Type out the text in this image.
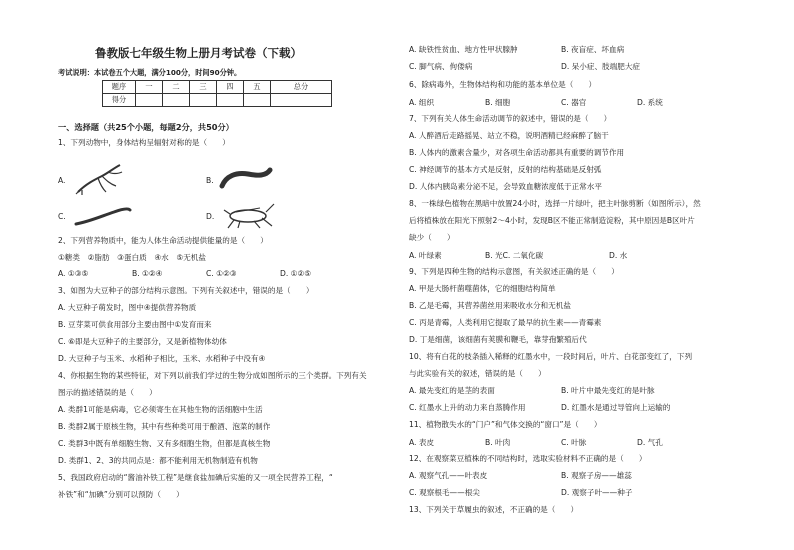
鲁教版七年级生物上册月考试卷（下载）
考试说明：本试卷五个大题，满分100分，时间90分钟。
题序	一	二	三	四	五	总分
得分						
一、选择题（共25个小题，每题2分，共50分）
1、下列动物中，身体结构呈辐射对称的是（　　）
A.	B.
C.	D.
2、下列营养物质中，能为人体生命活动提供能量的是（　　）
①糖类　②脂肪　③蛋白质　④水　⑤无机盐
A. ①③⑤	B. ①②④	C. ①②③	D. ①②⑤
3、如图为大豆种子的部分结构示意图。下列有关叙述中，错误的是（　　）
A. 大豆种子萌发时，图中④提供营养物质
B. 豆芽菜可供食用部分主要由图中①发育而来
C. ⑥即是大豆种子的主要部分，又是新植物体幼体
D. 大豆种子与玉米、水稻种子相比，玉米、水稻种子中没有④
4、你根据生物的某些特征，对下列以前我们学过的生物分成如图所示的三个类群。下列有关
图示的描述错误的是（　　）
A. 类群1可能是病毒，它必须寄生在其他生物的活细胞中生活
B. 类群2属于原核生物，其中有些种类可用于酿酒、泡菜的制作
C. 类群3中既有单细胞生物、又有多细胞生物，但都是真核生物
D. 类群1、2、3的共同点是：都不能利用无机物制造有机物
5、我国政府启动的“酱油补铁工程”是继食盐加碘后实施的又一项全民营养工程，“
补铁”和“加碘”分别可以预防（　　）
A. 缺铁性贫血、地方性甲状腺肿	B. 夜盲症、坏血病
C. 脚气病、佝偻病	D. 呆小症、肢端肥大症
6、除病毒外，生物体结构和功能的基本单位是（　　）
A. 组织	B. 细胞	C. 器官	D. 系统
7、下列有关人体生命活动调节的叙述中，错误的是（　　）
A. 人醉酒后走路摇晃、站立不稳，说明酒精已经麻醉了脑干
B. 人体内的激素含量少，对各项生命活动都具有重要的调节作用
C. 神经调节的基本方式是反射，反射的结构基础是反射弧
D. 人体内胰岛素分泌不足，会导致血糖浓度低于正常水平
8、一株绿色植物在黑暗中放置24小时，选择一片绿叶，把主叶脉剪断（如图所示），然
后将植株放在阳光下照射2～4小时，发现B区不能正常制造淀粉，其中原因是B区叶片
缺少（　　）
A. 叶绿素	B. 光C. 二氧化碳	D. 水
9、下列是四种生物的结构示意图，有关叙述正确的是（　　）
A. 甲是大肠杆菌噬菌体，它的细胞结构简单
B. 乙是毛霉，其营养菌丝用来吸收水分和无机盐
C. 丙是青霉，人类利用它提取了最早的抗生素——青霉素
D. 丁是细菌，该细菌有荚膜和鞭毛，靠芽孢繁殖后代
10、将有白花的枝条插入稀释的红墨水中，一段时间后，叶片、白花部变红了，下列
与此实验有关的叙述，错误的是（　　）
A. 最先变红的是茎的表面	B. 叶片中最先变红的是叶脉
C. 红墨水上升的动力来自蒸腾作用	D. 红墨水是通过导管向上运输的
11、植物散失水的“门户”和气体交换的“窗口”是（　　）
A. 表皮	B. 叶肉	C. 叶脉	D. 气孔
12、在观察菜豆植株的不同结构时，选取实验材料不正确的是（　　）
A. 观察气孔——叶表皮	B. 观察子房——雄蕊
C. 观察根毛——根尖	D. 观察子叶——种子
13、下列关于草履虫的叙述，不正确的是（　　）
